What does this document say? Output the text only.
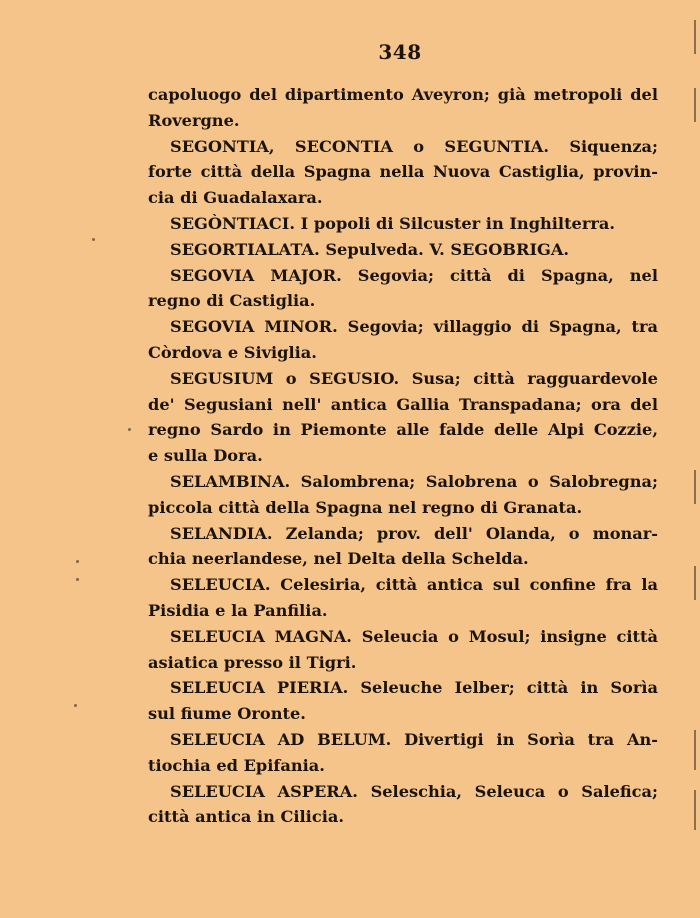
348
capoluogo del dipartimento Aveyron; già metropoli del
Rovergne.
SEGONTIA, SECONTIA o SEGUNTIA. Siquenza;
forte città della Spagna nella Nuova Castiglia, provin-
cia di Guadalaxara.
SEGÒNTIACI. I popoli di Silcuster in Inghilterra.
SEGORTIALATA. Sepulveda. V. SEGOBRIGA.
SEGOVIA MAJOR. Segovia; città di Spagna, nel
regno di Castiglia.
SEGOVIA MINOR. Segovia; villaggio di Spagna, tra
Còrdova e Siviglia.
SEGUSIUM o SEGUSIO. Susa; città ragguardevole
de' Segusiani nell' antica Gallia Transpadana; ora del
regno Sardo in Piemonte alle falde delle Alpi Cozzie,
e sulla Dora.
SELAMBINA. Salombrena; Salobrena o Salobregna;
piccola città della Spagna nel regno di Granata.
SELANDIA. Zelanda; prov. dell' Olanda, o monar-
chia neerlandese, nel Delta della Schelda.
SELEUCIA. Celesiria, città antica sul confine fra la
Pisidia e la Panfilia.
SELEUCIA MAGNA. Seleucia o Mosul; insigne città
asiatica presso il Tigri.
SELEUCIA PIERIA. Seleuche Ielber; città in Sorìa
sul fiume Oronte.
SELEUCIA AD BELUM. Divertigi in Sorìa tra An-
tiochia ed Epifania.
SELEUCIA ASPERA. Seleschia, Seleuca o Salefica;
città antica in Cilicia.
